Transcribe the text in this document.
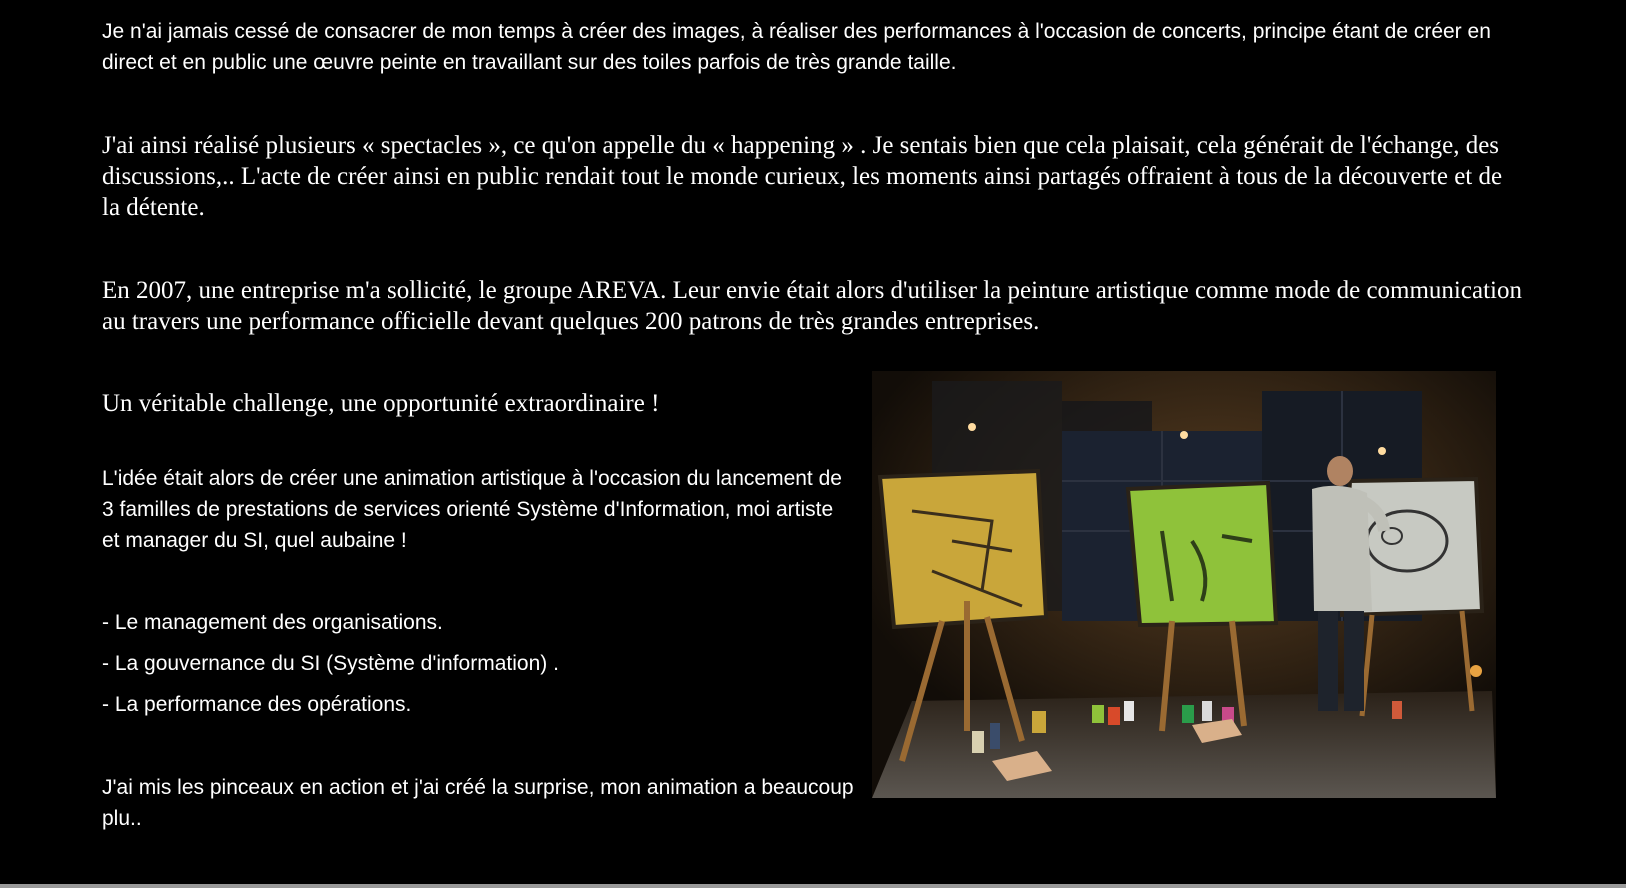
Je n'ai jamais cessé de consacrer de mon temps à créer des images, à réaliser des performances à l'occasion de concerts, principe étant de créer en direct et en public une œuvre peinte en travaillant sur des toiles parfois de très grande taille.

J'ai ainsi réalisé plusieurs « spectacles », ce qu'on appelle du « happening » . Je sentais bien que cela plaisait, cela générait de l'échange, des discussions,.. L'acte de créer ainsi en public rendait tout le monde curieux, les moments ainsi partagés offraient à tous de la découverte et de la détente.

En 2007, une entreprise m'a sollicité, le groupe AREVA. Leur envie était alors d'utiliser la peinture artistique comme mode de communication au travers une performance officielle devant quelques 200 patrons de très grandes entreprises.

Un véritable challenge, une opportunité extraordinaire !

L'idée était alors de créer une animation artistique à l'occasion du lancement de 3 familles de prestations de services orienté Système d'Information, moi artiste et manager du SI, quel aubaine !

- Le management des organisations.
- La gouvernance du SI (Système d'information) .
- La performance des opérations.

J'ai mis les pinceaux en action et j'ai créé la surprise, mon animation a beaucoup plu..
